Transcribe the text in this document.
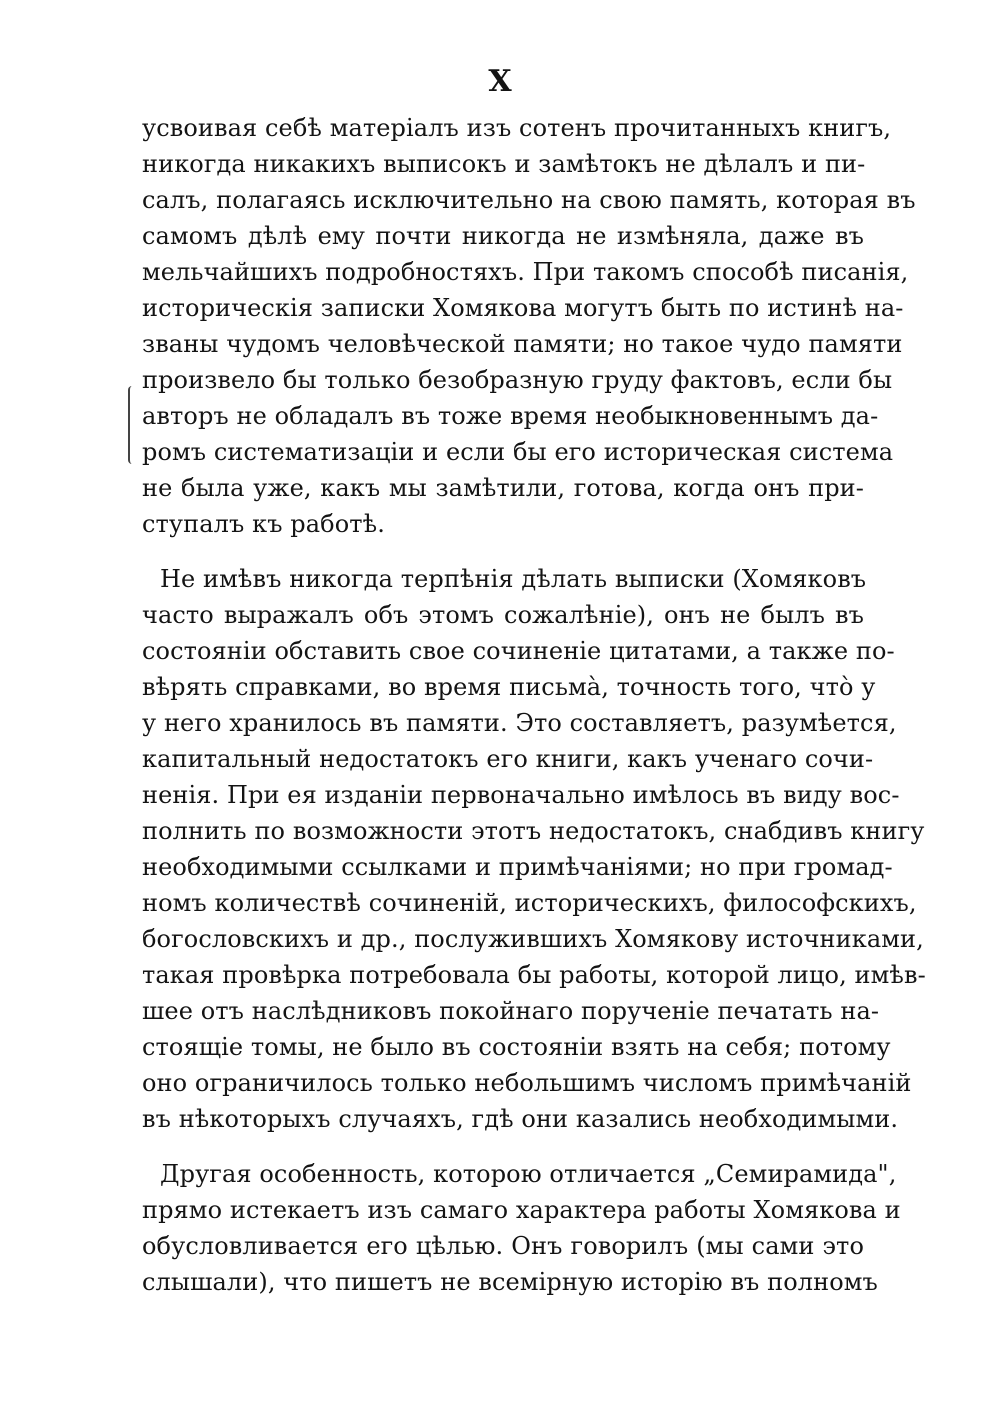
X
усвоивая себѣ матеріалъ изъ сотенъ прочитанныхъ книгъ,
никогда никакихъ выписокъ и замѣтокъ не дѣлалъ и пи-
салъ, полагаясь исключительно на свою память, которая въ
самомъ дѣлѣ ему почти никогда не измѣняла, даже въ
мельчайшихъ подробностяхъ. При такомъ способѣ писанія,
историческія записки Хомякова могутъ быть по истинѣ на-
званы чудомъ человѣческой памяти; но такое чудо памяти
произвело бы только безобразную груду фактовъ, если бы
авторъ не обладалъ въ тоже время необыкновеннымъ да-
ромъ систематизаціи и если бы его историческая система
не была уже, какъ мы замѣтили, готова, когда онъ при-
ступалъ къ работѣ.
Не имѣвъ никогда терпѣнія дѣлать выписки (Хомяковъ
часто выражалъ объ этомъ сожалѣніе), онъ не былъ въ
состояніи обставить свое сочиненіе цитатами, а также по-
вѣрять справками, во время письмà, точность того, чтò у
у него хранилось въ памяти. Это составляетъ, разумѣется,
капитальный недостатокъ его книги, какъ ученаго сочи-
ненія. При ея изданіи первоначально имѣлось въ виду вос-
полнить по возможности этотъ недостатокъ, снабдивъ книгу
необходимыми ссылками и примѣчаніями; но при громад-
номъ количествѣ сочиненій, историческихъ, философскихъ,
богословскихъ и др., послужившихъ Хомякову источниками,
такая провѣрка потребовала бы работы, которой лицо, имѣв-
шее отъ наслѣдниковъ покойнаго порученіе печатать на-
стоящіе томы, не было въ состояніи взять на себя; потому
оно ограничилось только небольшимъ числомъ примѣчаній
въ нѣкоторыхъ случаяхъ, гдѣ они казались необходимыми.
Другая особенность, которою отличается „Семирамида",
прямо истекаетъ изъ самаго характера работы Хомякова и
обусловливается его цѣлью. Онъ говорилъ (мы сами это
слышали), что пишетъ не всемірную исторію въ полномъ
